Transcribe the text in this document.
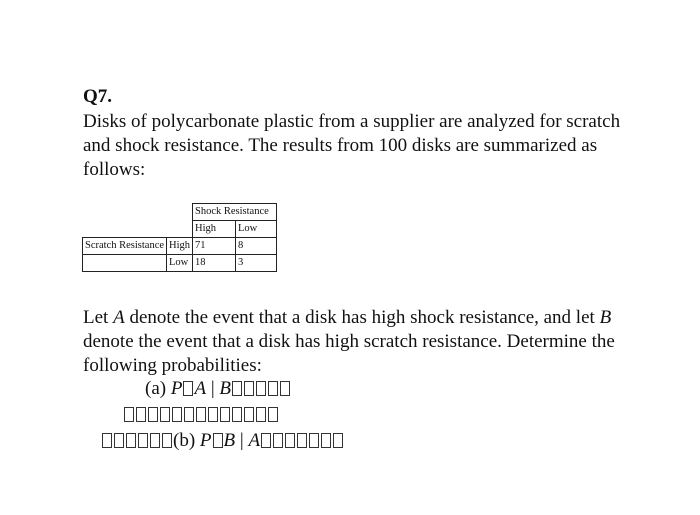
Q7.
Disks of polycarbonate plastic from a supplier are analyzed for scratch and shock resistance. The results from 100 disks are summarized as follows:
		Shock Resistance	
		High	Low
Scratch Resistance	High	71	8
	Low	18	3
Let A denote the event that a disk has high shock resistance, and let B denote the event that a disk has high scratch resistance. Determine the following probabilities:
(a) P A | B
(b) P B | A
